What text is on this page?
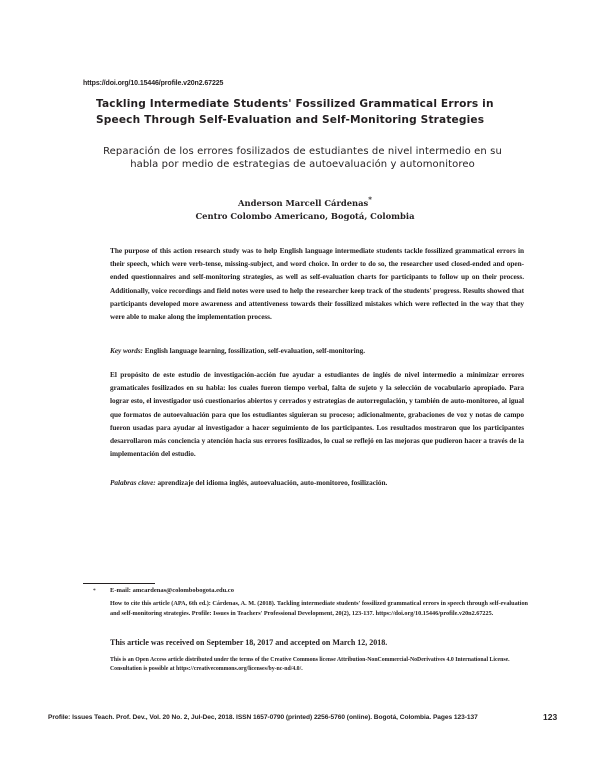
https://doi.org/10.15446/profile.v20n2.67225
Tackling Intermediate Students' Fossilized Grammatical Errors in Speech Through Self-Evaluation and Self-Monitoring Strategies
Reparación de los errores fosilizados de estudiantes de nivel intermedio en su habla por medio de estrategias de autoevaluación y automonitoreo
Anderson Marcell Cárdenas*
Centro Colombo Americano, Bogotá, Colombia
The purpose of this action research study was to help English language intermediate students tackle fossilized grammatical errors in their speech, which were verb-tense, missing-subject, and word choice. In order to do so, the researcher used closed-ended and open-ended questionnaires and self-monitoring strategies, as well as self-evaluation charts for participants to follow up on their process. Additionally, voice recordings and field notes were used to help the researcher keep track of the students' progress. Results showed that participants developed more awareness and attentiveness towards their fossilized mistakes which were reflected in the way that they were able to make along the implementation process.
Key words: English language learning, fossilization, self-evaluation, self-monitoring.
El propósito de este estudio de investigación-acción fue ayudar a estudiantes de inglés de nivel intermedio a minimizar errores gramaticales fosilizados en su habla: los cuales fueron tiempo verbal, falta de sujeto y la selección de vocabulario apropiado. Para lograr esto, el investigador usó cuestionarios abiertos y cerrados y estrategias de autorregulación, y también de auto-monitoreo, al igual que formatos de autoevaluación para que los estudiantes siguieran su proceso; adicionalmente, grabaciones de voz y notas de campo fueron usadas para ayudar al investigador a hacer seguimiento de los participantes. Los resultados mostraron que los participantes desarrollaron más conciencia y atención hacia sus errores fosilizados, lo cual se reflejó en las mejoras que pudieron hacer a través de la implementación del estudio.
Palabras clave: aprendizaje del idioma inglés, autoevaluación, auto-monitoreo, fosilización.
* E-mail: amcardenas@colombobogota.edu.co
How to cite this article (APA, 6th ed.): Cárdenas, A. M. (2018). Tackling intermediate students' fossilized grammatical errors in speech through self-evaluation and self-monitoring strategies. Profile: Issues in Teachers' Professional Development, 20(2), 123-137. https://doi.org/10.15446/profile.v20n2.67225.
This article was received on September 18, 2017 and accepted on March 12, 2018.
This is an Open Access article distributed under the terms of the Creative Commons license Attribution-NonCommercial-NoDerivatives 4.0 International License. Consultation is possible at https://creativecommons.org/licenses/by-nc-nd/4.0/.
Profile: Issues Teach. Prof. Dev., Vol. 20 No. 2, Jul-Dec, 2018. ISSN 1657-0790 (printed) 2256-5760 (online). Bogotá, Colombia. Pages 123-137	123
